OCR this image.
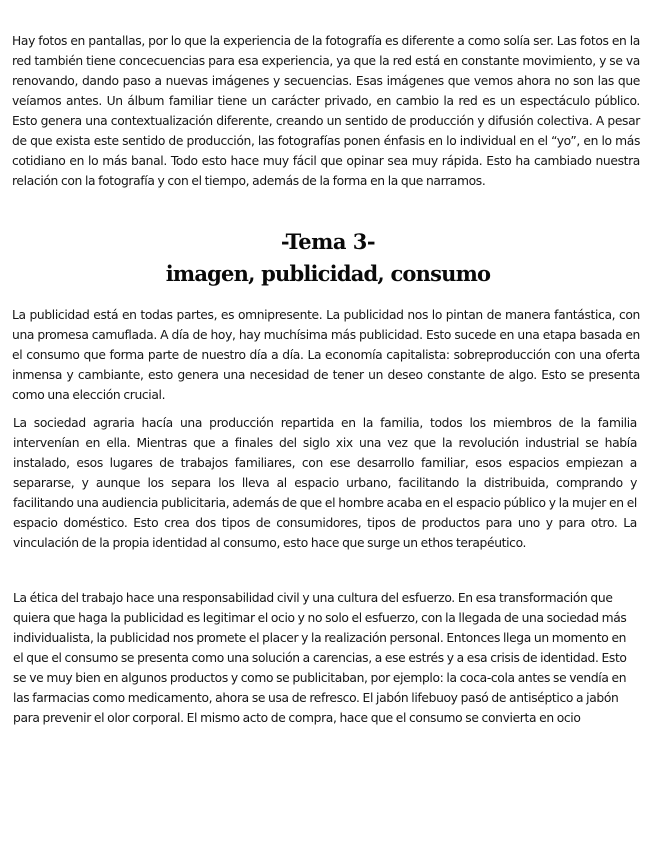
Hay fotos en pantallas, por lo que la experiencia de la fotografía es diferente a como solía ser. Las fotos en la red también tiene concecuencias para esa experiencia, ya que la red está en constante movimiento, y se va renovando, dando paso a nuevas imágenes y secuencias. Esas imágenes que vemos ahora no son las que veíamos antes. Un álbum familiar tiene un carácter privado, en cambio la red es un espectáculo público. Esto genera una contextualización diferente, creando un sentido de producción y difusión colectiva. A pesar de que exista este sentido de producción, las fotografías ponen énfasis en lo individual en el “yo”, en lo más cotidiano en lo más banal. Todo esto hace muy fácil que opinar sea muy rápida. Esto ha cambiado nuestra relación con la fotografía y con el tiempo, además de la forma en la que narramos.

-Tema 3-
imagen, publicidad, consumo

La publicidad está en todas partes, es omnipresente. La publicidad nos lo pintan de manera fantástica, con una promesa camuflada. A día de hoy, hay muchísima más publicidad. Esto sucede en una etapa basada en el consumo que forma parte de nuestro día a día. La economía capitalista: sobreproducción con una oferta inmensa y cambiante, esto genera una necesidad de tener un deseo constante de algo. Esto se presenta como una elección crucial.

La sociedad agraria hacía una producción repartida en la familia, todos los miembros de la familia intervenían en ella. Mientras que a finales del siglo xix una vez que la revolución industrial se había instalado, esos lugares de trabajos familiares, con ese desarrollo familiar, esos espacios empiezan a separarse, y aunque los separa los lleva al espacio urbano, facilitando la distribuida, comprando y facilitando una audiencia publicitaria, además de que el hombre acaba en el espacio público y la mujer en el espacio doméstico. Esto crea dos tipos de consumidores, tipos de productos para uno y para otro. La vinculación de la propia identidad al consumo, esto hace que surge un ethos terapéutico.

La ética del trabajo hace una responsabilidad civil y una cultura del esfuerzo. En esa transformación que quiera que haga la publicidad es legitimar el ocio y no solo el esfuerzo, con la llegada de una sociedad más individualista, la publicidad nos promete el placer y la realización personal. Entonces llega un momento en el que el consumo se presenta como una solución a carencias, a ese estrés y a esa crisis de identidad. Esto se ve muy bien en algunos productos y como se publicitaban, por ejemplo: la coca-cola antes se vendía en las farmacias como medicamento, ahora se usa de refresco. El jabón lifebuoy pasó de antiséptico a jabón para prevenir el olor corporal. El mismo acto de compra, hace que el consumo se convierta en ocio
